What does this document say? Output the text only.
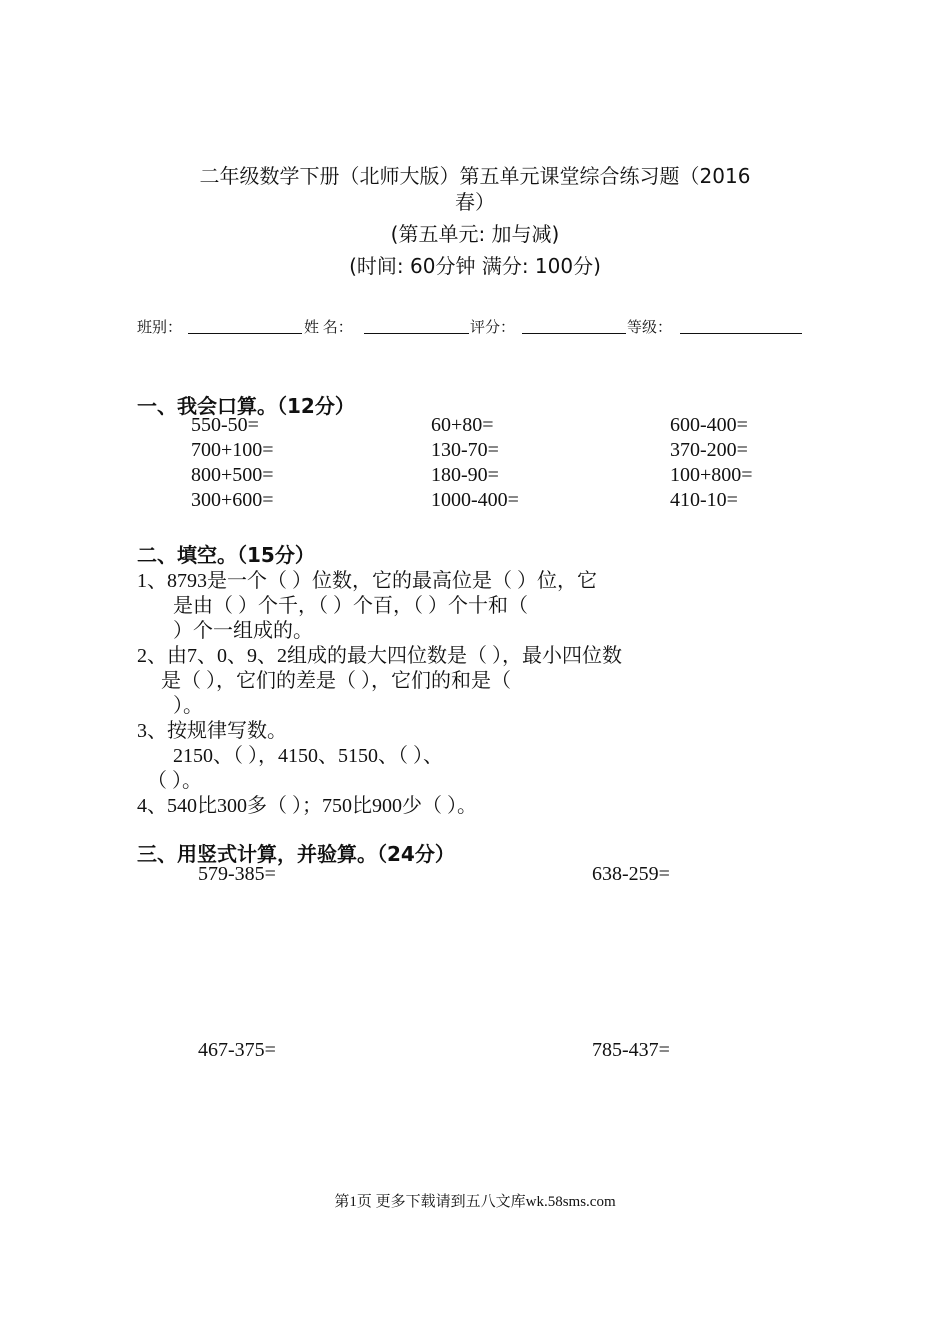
二年级数学下册（北师大版）第五单元课堂综合练习题（2016
春）
(第五单元: 加与减)
(时间: 60分钟 满分: 100分)
班别：	姓 名：	评分：	等级：
一、我会口算。（12分）
550-50=	60+80=	600-400=
700+100=	130-70=	370-200=
800+500=	180-90=	100+800=
300+600=	1000-400=	410-10=
二、填空。（15分）
1、8793是一个（ ）位数，它的最高位是（ ）位，它
是由（ ）个千，（ ）个百，（ ）个十和（
）个一组成的。
2、由7、0、9、2组成的最大四位数是（ ），最小四位数
是（ ），它们的差是（ ），它们的和是（
）。
3、按规律写数。
2150、（ ），4150、5150、（ ）、
（ ）。
4、540比300多（ ）；750比900少（ ）。
三、用竖式计算，并验算。（24分）
579-385=	638-259=
467-375=	785-437=
第1页 更多下载请到五八文库wk.58sms.com
